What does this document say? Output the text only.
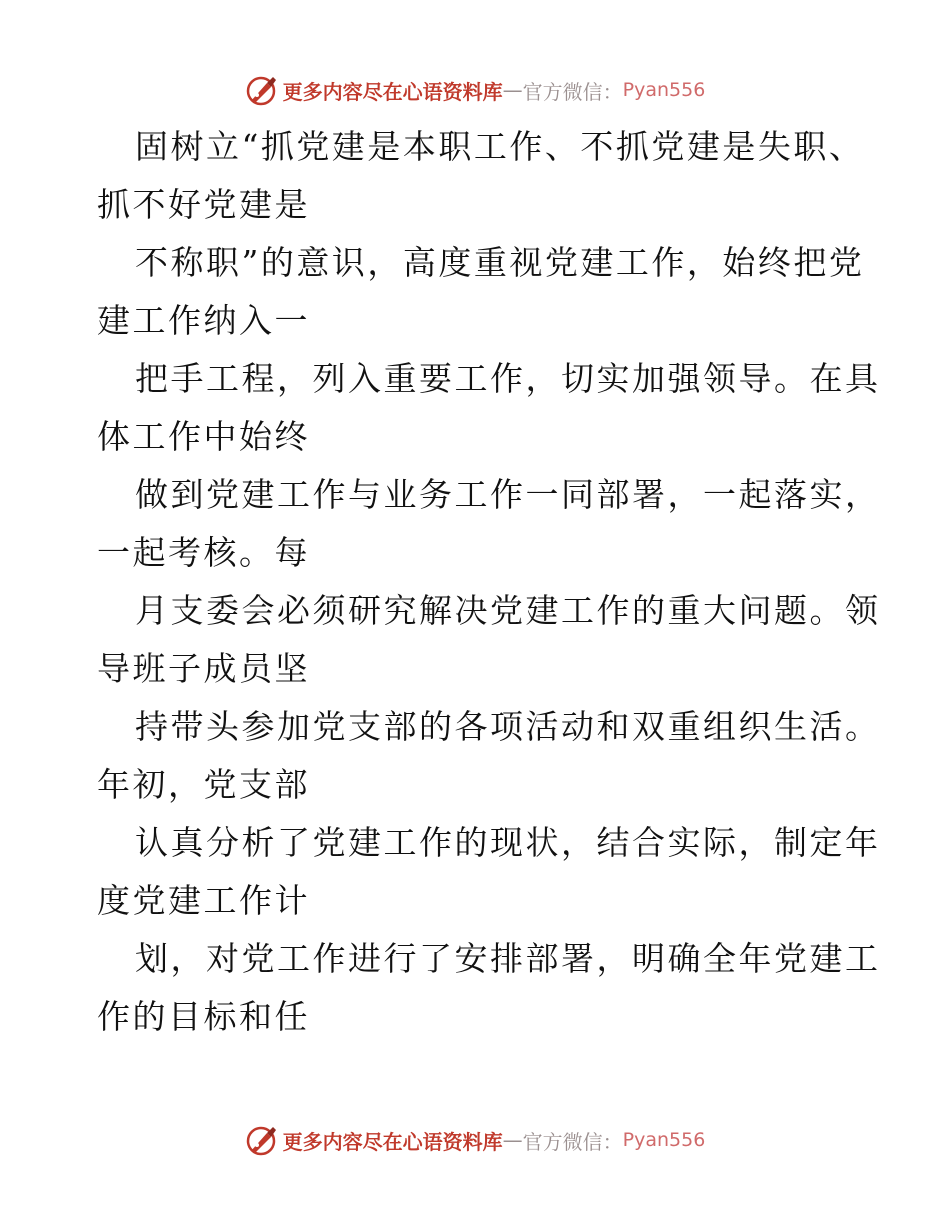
更多内容尽在心语资料库 — 官方微信： Pyan556
固树立“抓党建是本职工作、不抓党建是失职、
抓不好党建是
不称职”的意识，高度重视党建工作，始终把党
建工作纳入一
把手工程，列入重要工作，切实加强领导。在具
体工作中始终
做到党建工作与业务工作一同部署，一起落实，
一起考核。每
月支委会必须研究解决党建工作的重大问题。领
导班子成员坚
持带头参加党支部的各项活动和双重组织生活。
年初，党支部
认真分析了党建工作的现状，结合实际，制定年
度党建工作计
划，对党工作进行了安排部署，明确全年党建工
作的目标和任
更多内容尽在心语资料库 — 官方微信： Pyan556
